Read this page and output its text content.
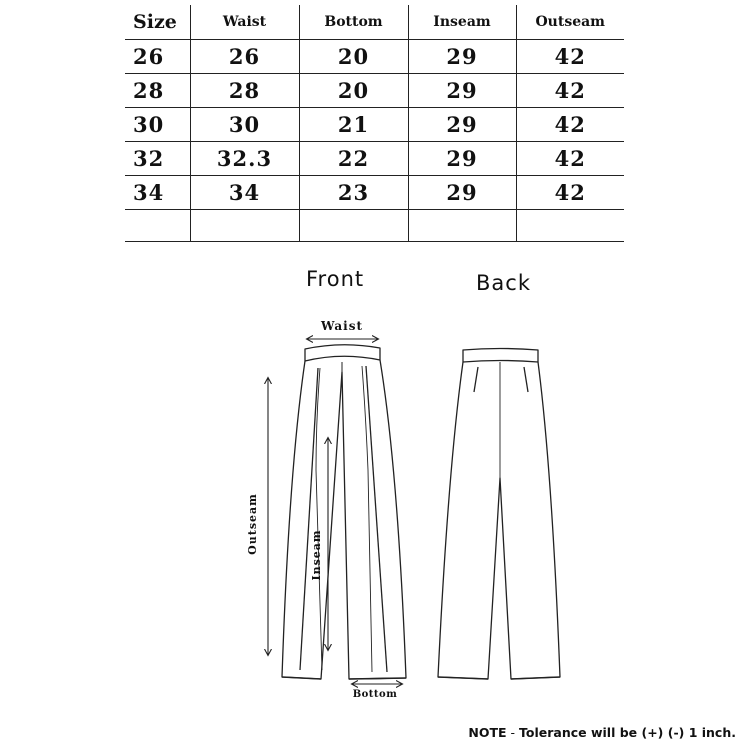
Size	Waist	Bottom	Inseam	Outseam
26	26	20	29	42
28	28	20	29	42
30	30	21	29	42
32	32.3	22	29	42
34	34	23	29	42

Front	Back
Waist
Outseam
Inseam
Bottom
NOTE - Tolerance will be (+) (-) 1 inch.
